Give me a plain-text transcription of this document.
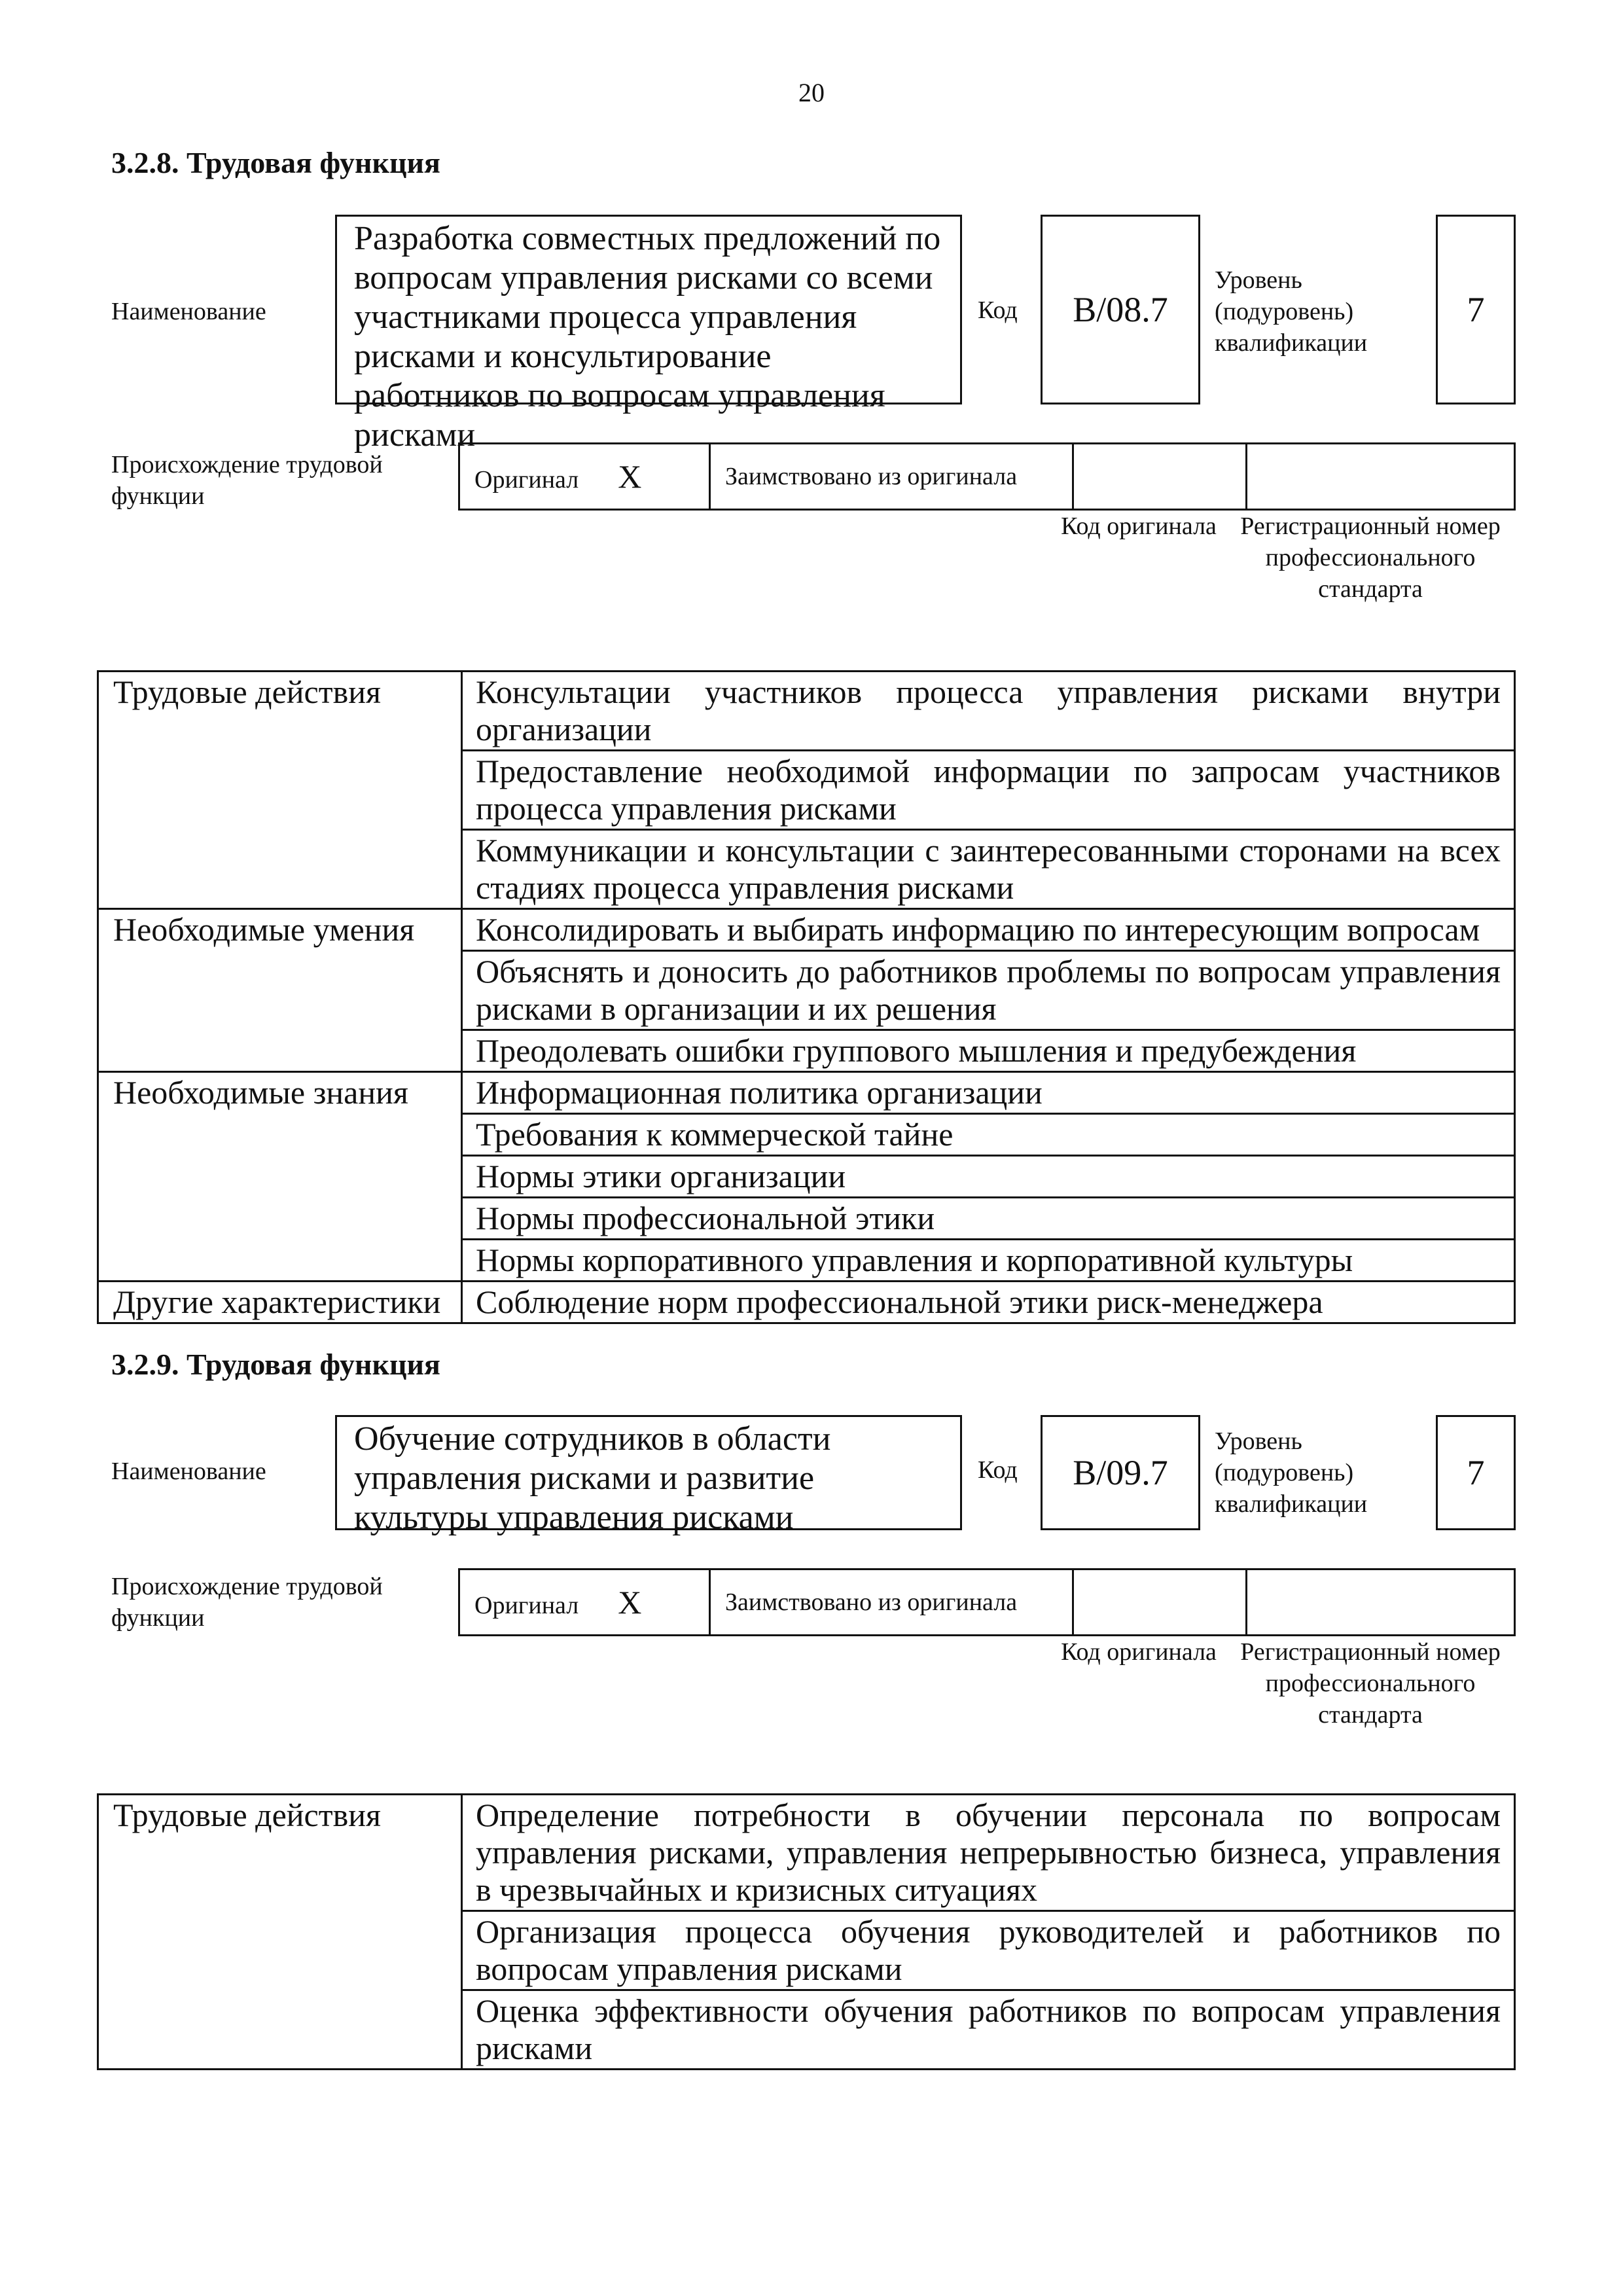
20
3.2.8. Трудовая функция
Наименование
Разработка совместных предложений по вопросам управления рисками со всеми участниками процесса управления рисками и консультирование работников по вопросам управления рисками
Код	B/08.7
Уровень (подуровень) квалификации
7
Происхождение трудовой функции
Оригинал X	Заимствовано из оригинала		
Код оригинала Регистрационный номер профессионального стандарта
Трудовые действия	Консультации участников процесса управления рисками внутри организации
	Предоставление необходимой информации по запросам участников процесса управления рисками
	Коммуникации и консультации с заинтересованными сторонами на всех стадиях процесса управления рисками
Необходимые умения	Консолидировать и выбирать информацию по интересующим вопросам
	Объяснять и доносить до работников проблемы по вопросам управления рисками в организации и их решения
	Преодолевать ошибки группового мышления и предубеждения
Необходимые знания	Информационная политика организации
	Требования к коммерческой тайне
	Нормы этики организации
	Нормы профессиональной этики
	Нормы корпоративного управления и корпоративной культуры
Другие характеристики	Соблюдение норм профессиональной этики риск-менеджера
3.2.9. Трудовая функция
Наименование
Обучение сотрудников в области управления рисками и развитие культуры управления рисками
Код	B/09.7
Уровень (подуровень) квалификации
7
Происхождение трудовой функции	Оригинал X	Заимствовано из оригинала		
Код оригинала Регистрационный номер профессионального стандарта
Трудовые действия	Определение потребности в обучении персонала по вопросам управления рисками, управления непрерывностью бизнеса, управления в чрезвычайных и кризисных ситуациях
Организация процесса обучения руководителей и работников по вопросам управления рисками
Оценка эффективности обучения работников по вопросам управления рисками
